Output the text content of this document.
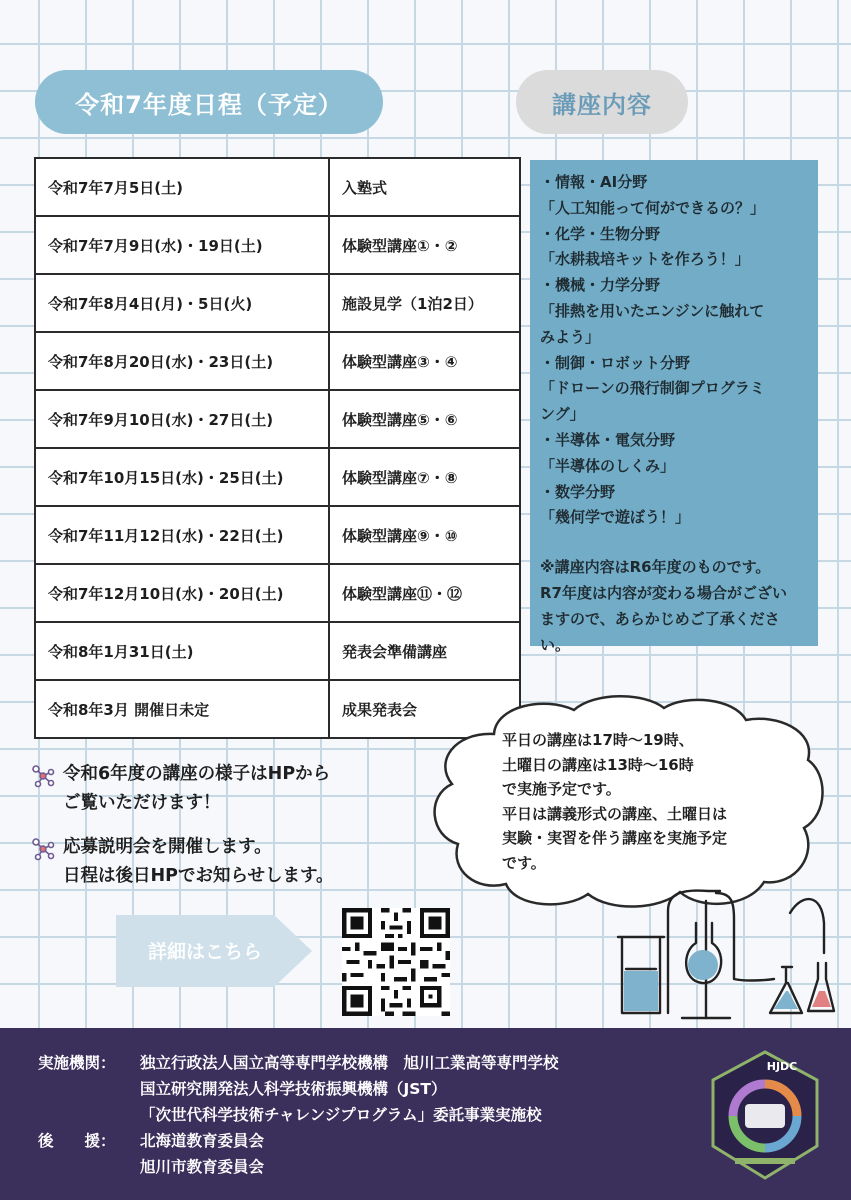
令和7年度日程（予定）	講座内容
令和7年7月5日(土)	入塾式
令和7年7月9日(水)・19日(土)	体験型講座①・②
令和7年8月4日(月)・5日(火)	施設見学（1泊2日）
令和7年8月20日(水)・23日(土)	体験型講座③・④
令和7年9月10日(水)・27日(土)	体験型講座⑤・⑥
令和7年10月15日(水)・25日(土)	体験型講座⑦・⑧
令和7年11月12日(水)・22日(土)	体験型講座⑨・⑩
令和7年12月10日(水)・20日(土)	体験型講座⑪・⑫
令和8年1月31日(土)	発表会準備講座
令和8年3月 開催日未定	成果発表会
・情報・AI分野
「人工知能って何ができるの？」
・化学・生物分野
「水耕栽培キットを作ろう！」
・機械・力学分野
「排熱を用いたエンジンに触れて
みよう」
・制御・ロボット分野
「ドローンの飛行制御プログラミ
ング」
・半導体・電気分野
「半導体のしくみ」
・数学分野
「幾何学で遊ぼう！」
※講座内容はR6年度のものです。
R7年度は内容が変わる場合がござい
ますので、あらかじめご了承くださ
い。
平日の講座は17時～19時、
土曜日の講座は13時～16時
で実施予定です。
平日は講義形式の講座、土曜日は
実験・実習を伴う講座を実施予定
です。
令和6年度の講座の様子はHPから
ご覧いただけます！
応募説明会を開催します。
日程は後日HPでお知らせします。
詳細はこちら
実施機関： 独立行政法人国立高等専門学校機構　旭川工業高等専門学校
国立研究開発法人科学技術振興機構（JST）
「次世代科学技術チャレンジプログラム」委託事業実施校
後　　援： 北海道教育委員会
旭川市教育委員会
HJDC
